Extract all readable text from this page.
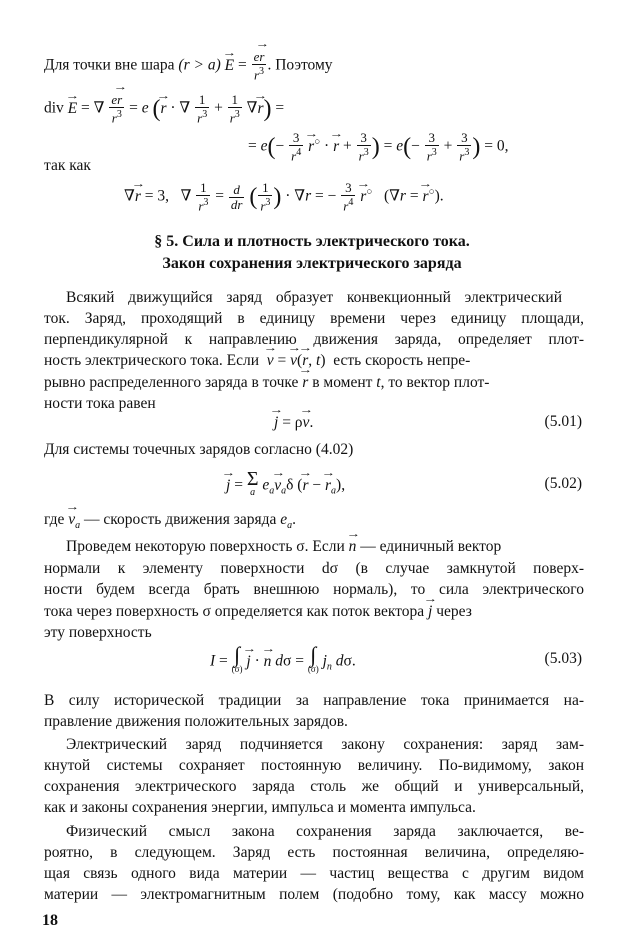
Для точки вне шара $(r > a) \to E = \frac{e\to r}{r^3}$ . Поэтому
div → E = ∇ $\frac{e\to r}{r^3} = e$ (→ r · ∇ $\frac{1}{r^3} + \frac{1}{r^3}$ ∇→ r) =
= $e(- \frac{3}{r^4} \to r^○$ · → $r + \frac{3}{r^3}$ ) = $e(- \frac{3}{r^3} + \frac{3}{r^3}$ ) = 0,
так как
∇→ r = 3,   ∇ $\frac{1}{r^3} = \frac{d}{dr}$ ( $\frac{1}{r^3}$ ) · ∇r = − $\frac{3}{r^4} \to r^○$   (∇r = → r○).
§ 5. Сила и плотность электрического тока.
Закон сохранения электрического заряда
Всякий движущийся заряд образует конвекционный электрический
ток. Заряд, проходящий в единицу времени через единицу площади,
перпендикулярной к направлению движения заряда, определяет плот-
ность электрического тока. Если → v = → v(→ r, t)  есть скорость непре-
рывно распределенного заряда в точке → r в момент t, то вектор плот-
ности тока равен
→ j = ρ→ v.	(5.01)
Для системы точечных зарядов согласно (4.02)
→ j = Σ
a $e_a\to v_a\delta$ (→ r − → $r_a$),	(5.02)
где → $v_a$ — скорость движения заряда $e_a$.
Проведем некоторую поверхность σ. Если → n — единичный вектор
нормали к элементу поверхности dσ (в случае замкнутой поверх-
ности будем всегда брать внешнюю нормаль), то сила электрического
тока через поверхность σ определяется как поток вектора → j через
эту поверхность
I = ∫
(σ) → j · → n dσ = ∫
(σ) $j_n$ dσ.	(5.03)
В силу исторической традиции за направление тока принимается на-
правление движения положительных зарядов.
Электрический заряд подчиняется закону сохранения: заряд зам-
кнутой системы сохраняет постоянную величину. По-видимому, закон
сохранения электрического заряда столь же общий и универсальный,
как и законы сохранения энергии, импульса и момента импульса.
Физический смысл закона сохранения заряда заключается, ве-
роятно, в следующем. Заряд есть постоянная величина, определяю-
щая связь одного вида материи — частиц вещества с другим видом
материи — электромагнитным полем (подобно тому, как массу можно
18
